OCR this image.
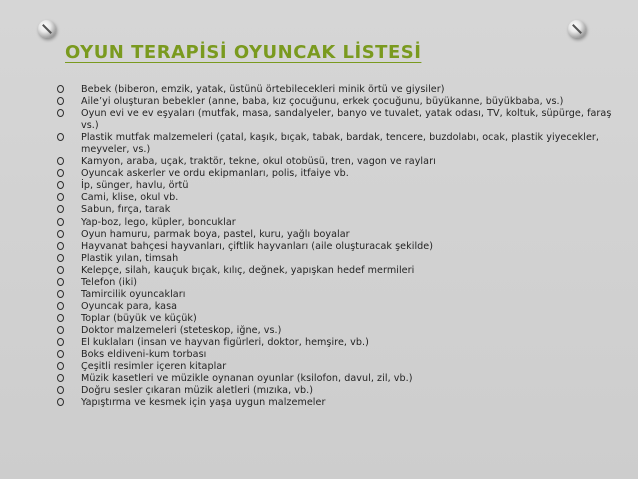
OYUN TERAPİSİ OYUNCAK LİSTESİ
Bebek (biberon, emzik, yatak, üstünü örtebilecekleri minik örtü ve giysiler)
Aile’yi oluşturan bebekler (anne, baba, kız çocuğunu, erkek çocuğunu, büyükanne, büyükbaba, vs.)
Oyun evi ve ev eşyaları (mutfak, masa, sandalyeler, banyo ve tuvalet, yatak odası, TV, koltuk, süpürge, faraş vs.)
Plastik mutfak malzemeleri (çatal, kaşık, bıçak, tabak, bardak, tencere, buzdolabı, ocak, plastik yiyecekler, meyveler, vs.)
Kamyon, araba, uçak, traktör, tekne, okul otobüsü, tren, vagon ve rayları
Oyuncak askerler ve ordu ekipmanları, polis, itfaiye vb.
İp, sünger, havlu, örtü
Cami, klise, okul vb.
Sabun, fırça, tarak
Yap-boz, lego, küpler, boncuklar
Oyun hamuru, parmak boya, pastel, kuru, yağlı boyalar
Hayvanat bahçesi hayvanları, çiftlik hayvanları (aile oluşturacak şekilde)
Plastik yılan, timsah
Kelepçe, silah, kauçuk bıçak, kılıç, değnek, yapışkan hedef mermileri
Telefon (iki)
Tamircilik oyuncakları
Oyuncak para, kasa
Toplar (büyük ve küçük)
Doktor malzemeleri (steteskop, iğne, vs.)
El kuklaları (insan ve hayvan figürleri, doktor, hemşire, vb.)
Boks eldiveni-kum torbası
Çeşitli resimler içeren kitaplar
Müzik kasetleri ve müzikle oynanan oyunlar (ksilofon, davul, zil, vb.)
Doğru sesler çıkaran müzik aletleri (mızıka, vb.)
Yapıştırma ve kesmek için yaşa uygun malzemeler
